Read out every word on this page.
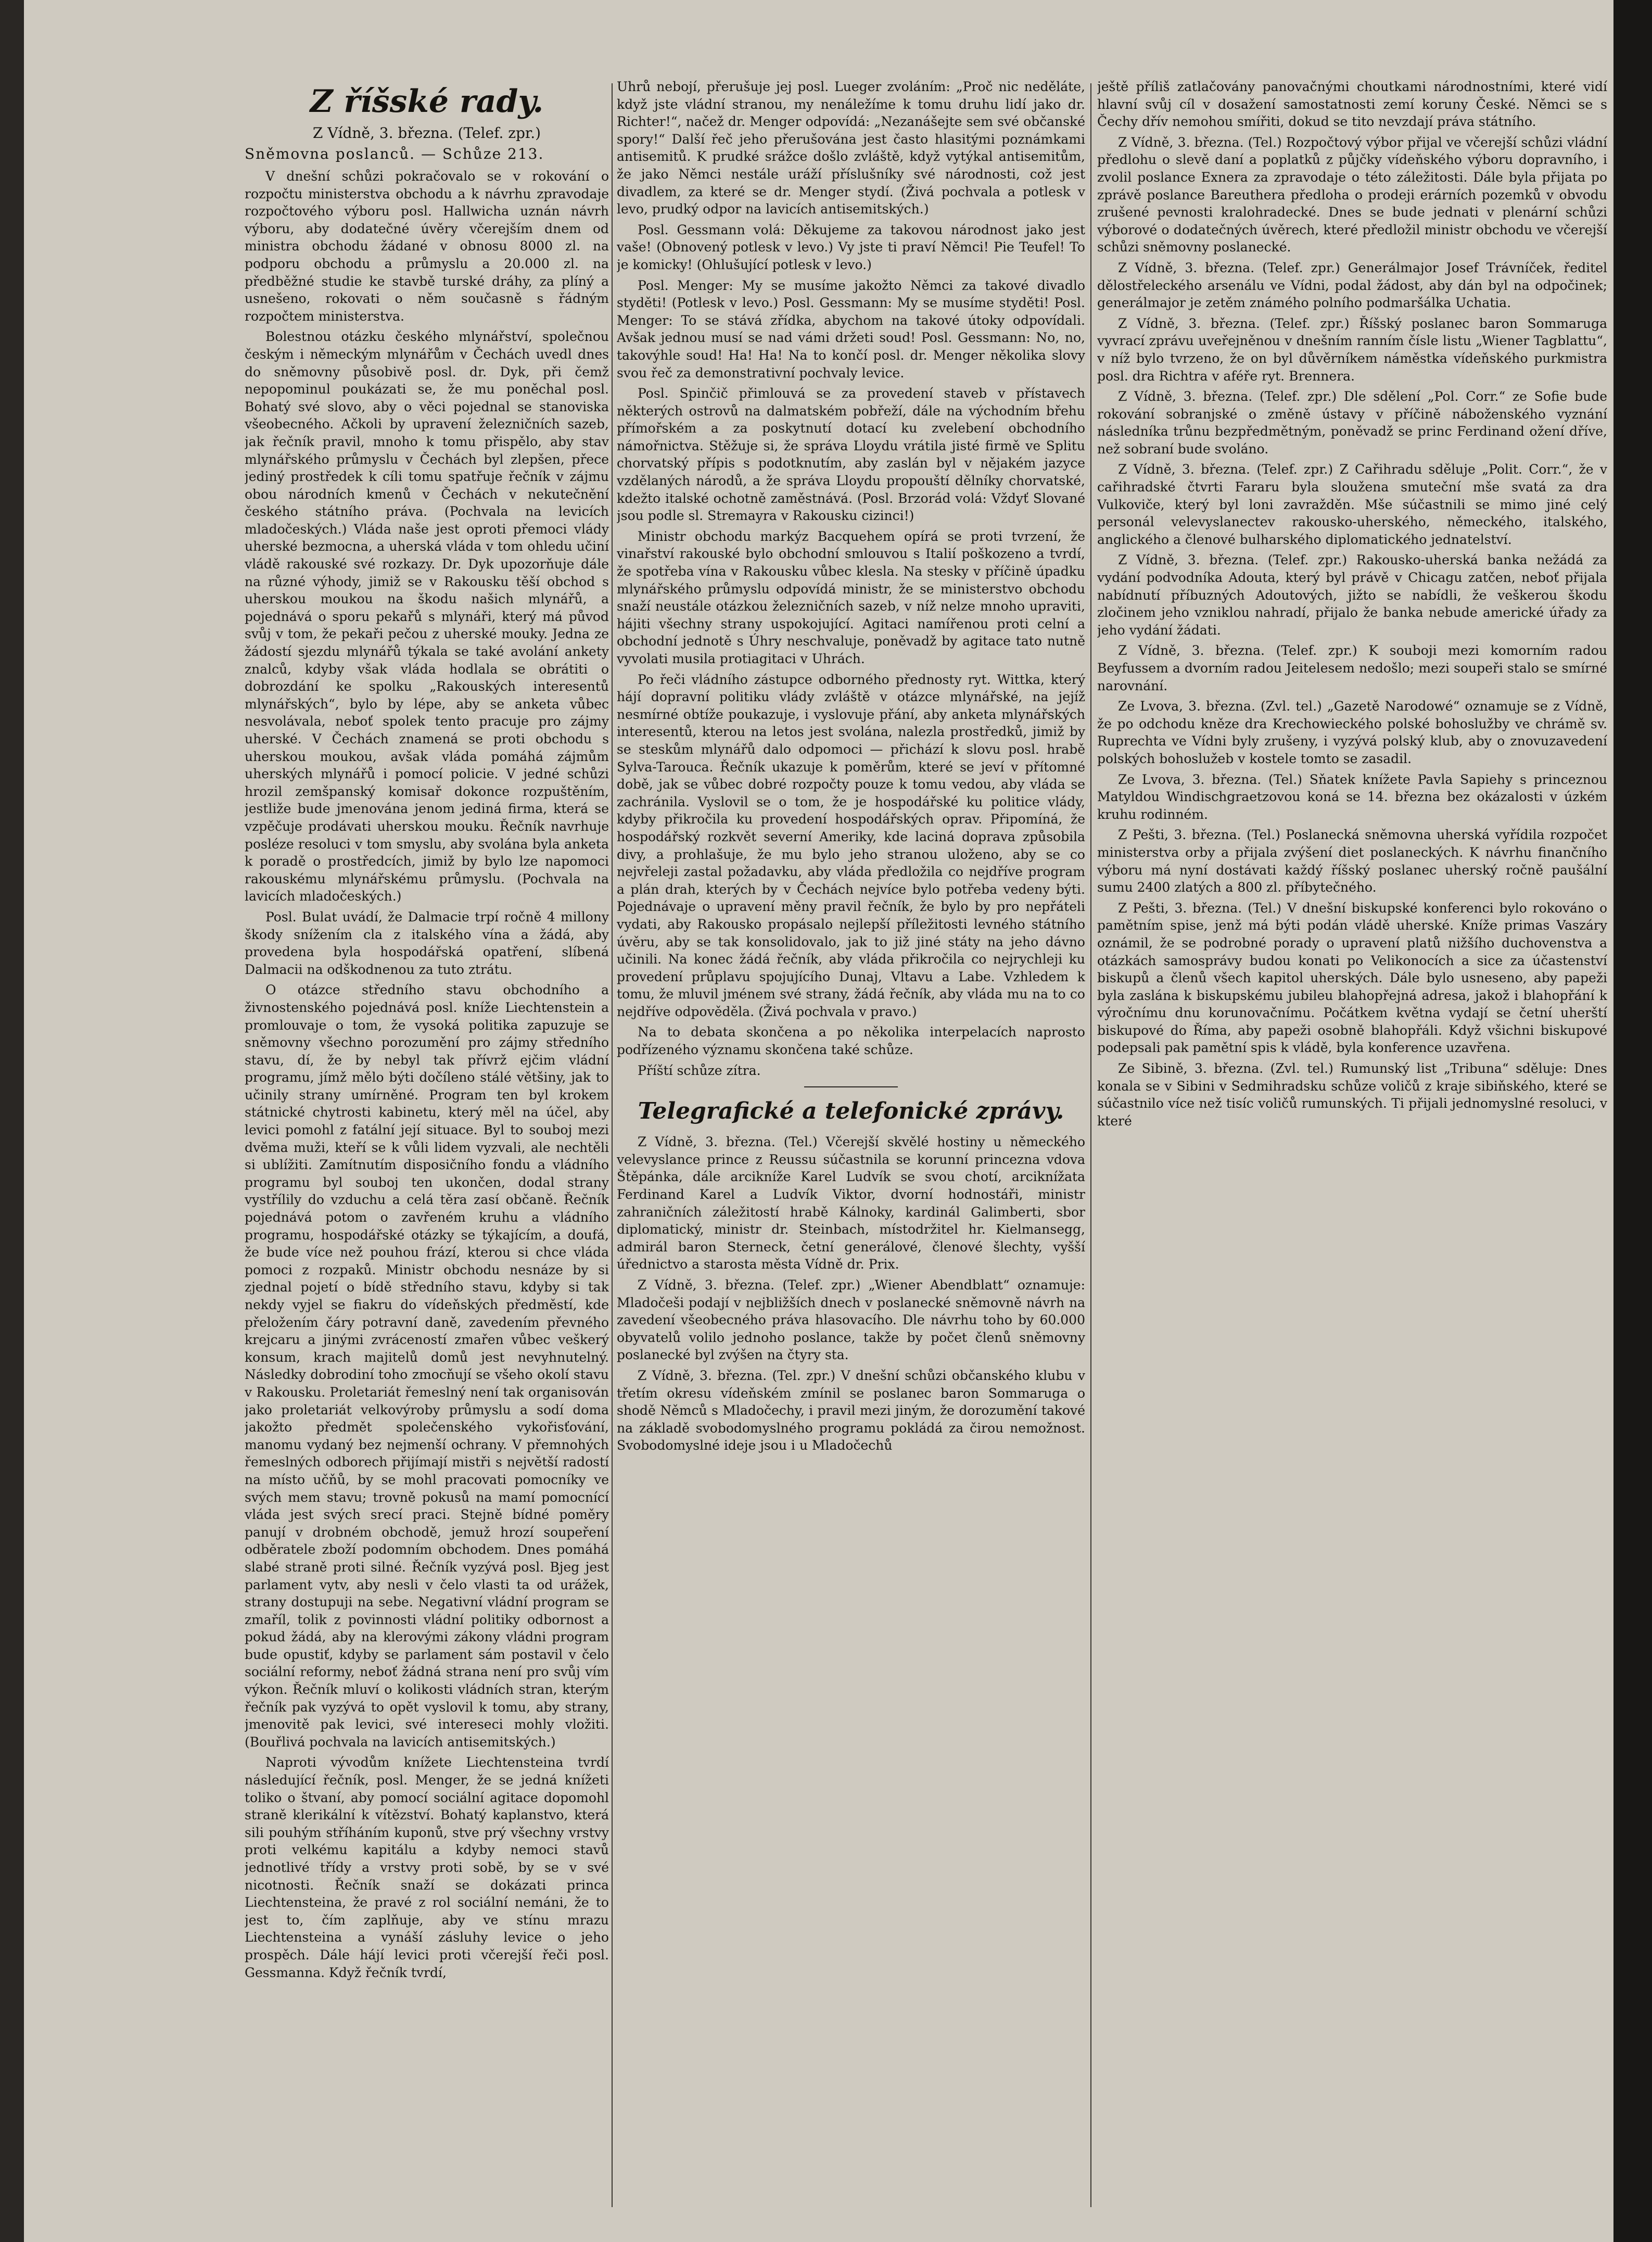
Z říšské rady.
Z Vídně, 3. března. (Telef. zpr.)
Sněmovna poslanců. — Schůze 213.

V dnešní schůzi pokračovalo se v rokování o rozpočtu ministerstva obchodu a k návrhu zpravodaje rozpočtového výboru posl. Hallwicha uznán návrh výboru, aby dodatečné úvěry včerejším dnem od ministra obchodu žádané v obnosu 8000 zl. na podporu obchodu a průmyslu a 20.000 zl. na předběžné studie ke stavbě turské dráhy, za plíný a usnešeno, rokovati o něm současně s řádným rozpočtem ministerstva.

Bolestnou otázku českého mlynářství, společnou českým i německým mlynářům v Čechách uvedl dnes do sněmovny působivě posl. dr. Dyk, při čemž nepopominul poukázati se, že mu poněchal posl. Bohatý své slovo, aby o věci pojednal se stanoviska všeobecného. Ačkoli by upravení železničních sazeb, jak řečník pravil, mnoho k tomu přispělo, aby stav mlynářského průmyslu v Čechách byl zlepšen, přece jediný prostředek k cíli tomu spatřuje řečník v zájmu obou národních kmenů v Čechách v nekutečnění českého státního práva. (Pochvala na levicích mladočeských.) Vláda naše jest oproti přemoci vlády uherské bezmocna, a uherská vláda v tom ohledu učiní vládě rakouské své rozkazy. Dr. Dyk upozorňuje dále na různé výhody, jimiž se v Rakousku těší obchod s uherskou moukou na škodu našich mlynářů, a pojednává o sporu pekařů s mlynáři, který má původ svůj v tom, že pekaři pečou z uherské mouky. Jedna ze žádostí sjezdu mlynářů týkala se také avolání ankety znalců, kdyby však vláda hodlala se obrátiti o dobrozdání ke spolku „Rakouských interesentů mlynářských“, bylo by lépe, aby se anketa vůbec nesvolávala, neboť spolek tento pracuje pro zájmy uherské. V Čechách znamená se proti obchodu s uherskou moukou, avšak vláda pomáhá zájmům uherských mlynářů i pomocí policie. V jedné schůzi hrozil zemšpanský komisař dokonce rozpuštěním, jestliže bude jmenována jenom jediná firma, která se vzpěčuje prodávati uherskou mouku. Řečník navrhuje posléze resoluci v tom smyslu, aby svolána byla anketa k poradě o prostředcích, jimiž by bylo lze napomoci rakouskému mlynářskému průmyslu. (Pochvala na lavicích mladočeských.)

Posl. Bulat uvádí, že Dalmacie trpí ročně 4 millony škody snížením cla z italského vína a žádá, aby provedena byla hospodářská opatření, slíbená Dalmacii na odškodnenou za tuto ztrátu.

O otázce středního stavu obchodního a živnostenského pojednává posl. kníže Liechtenstein a promlouvaje o tom, že vysoká politika zapuzuje se sněmovny všechno porozumění pro zájmy středního stavu, dí, že by nebyl tak přívrž ejčim vládní programu, jímž mělo býti dočíleno stálé většiny, jak to učinily strany umírněné. Program ten byl krokem státnické chytrosti kabinetu, který měl na účel, aby levici pomohl z fatální její situace. Byl to souboj mezi dvěma muži, kteří se k vůli lidem vyzvali, ale nechtěli si ublížiti. Zamítnutím disposičního fondu a vládního programu byl souboj ten ukončen, dodal strany vystřílily do vzduchu a celá těra zasí občaně. Řečník pojednává potom o zavřeném kruhu a vládního programu, hospodářské otázky se týkajícím, a doufá, že bude více než pouhou frází, kterou si chce vláda pomoci z rozpaků. Ministr obchodu nesnáze by si zjednal pojetí o bídě středního stavu, kdyby si tak nekdy vyjel se fiakru do vídeňských předměstí, kde přeložením čáry potravní daně, zavedením převného krejcaru a jinými zvráceností zmařen vůbec veškerý konsum, krach majitelů domů jest nevyhnutelný. Následky dobrodiní toho zmocňují se všeho okolí stavu v Rakousku. Proletariát řemeslný není tak organisován jako proletariát velkovýroby průmyslu a sodí doma jakožto předmět společenského vykořisťování, manomu vydaný bez nejmenší ochrany. V přemnohých řemeslných odborech přijímají mistři s největší radostí na místo učňů, by se mohl pracovati pomocníky ve svých mem stavu; trovně pokusů na mamí pomocnící vláda jest svých srecí praci. Stejně bídné poměry panují v drobném obchodě, jemuž hrozí soupeření odběratele zboží podomním obchodem. Dnes pomáhá slabé straně proti silné. Řečník vyzývá posl. Bjeg jest parlament vytv, aby nesli v čelo vlasti ta od urážek, strany dostupuji na sebe. Negativní vládní program se zmaříl, tolik z povinnosti vládní politiky odbornost a pokud žádá, aby na klerovými zákony vládni program bude opustiť, kdyby se parlament sám postavil v čelo sociální reformy, neboť žádná strana není pro svůj vím výkon. Řečník mluví o kolikosti vládních stran, kterým řečník pak vyzývá to opět vyslovil k tomu, aby strany, jmenovitě pak levici, své intereseci mohly vložiti. (Bouřlivá pochvala na lavicích antisemitských.)

Naproti vývodům knížete Liechtensteina tvrdí následující řečník, posl. Menger, že se jedná knížeti toliko o štvaní, aby pomocí sociální agitace dopomohl straně klerikální k vítězství. Bohatý kaplanstvo, která sili pouhým stříháním kuponů, stve prý všechny vrstvy proti velkému kapitálu a kdyby nemoci stavů jednotlivé třídy a vrstvy proti sobě, by se v své nicotnosti. Řečník snaží se dokázati princa Liechtensteina, že pravé z rol sociální nemáni, že to jest to, čím zaplňuje, aby ve stínu mrazu Liechtensteina a vynáší zásluhy levice o jeho prospěch. Dále hájí levici proti včerejší řeči posl. Gessmanna. Když řečník tvrdí,

Uhrů nebojí, přerušuje jej posl. Lueger zvoláním: „Proč nic neděláte, když jste vládní stranou, my nenáležíme k tomu druhu lidí jako dr. Richter!“, načež dr. Menger odpovídá: „Nezanášejte sem své občanské spory!“ Další řeč jeho přerušována jest často hlasitými poznámkami antisemitů. K prudké srážce došlo zvláště, když vytýkal antisemitům, že jako Němci nestále uráží příslušníky své národnosti, což jest divadlem, za které se dr. Menger stydí. (Živá pochvala a potlesk v levo, prudký odpor na lavicích antisemitských.)

Posl. Gessmann volá: Děkujeme za takovou národnost jako jest vaše! (Obnovený potlesk v levo.) Vy jste ti praví Němci! Pie Teufel! To je komicky! (Ohlušující potlesk v levo.)

Posl. Menger: My se musíme jakožto Němci za takové divadlo styděti! (Potlesk v levo.) Posl. Gessmann: My se musíme styděti! Posl. Menger: To se stává zřídka, abychom na takové útoky odpovídali. Avšak jednou musí se nad vámi držeti soud! Posl. Gessmann: No, no, takovýhle soud! Ha! Ha! Na to končí posl. dr. Menger několika slovy svou řeč za demonstrativní pochvaly levice.

Posl. Spinčič přimlouvá se za provedení staveb v přístavech některých ostrovů na dalmatském pobřeží, dále na východním břehu přímořském a za poskytnutí dotací ku zvelebení obchodního námořnictva. Stěžuje si, že správa Lloydu vrátila jisté firmě ve Splitu chorvatský přípis s podotknutím, aby zaslán byl v nějakém jazyce vzdělaných národů, a že správa Lloydu propouští dělníky chorvatské, kdežto italské ochotně zaměstnává. (Posl. Brzorád volá: Vždyť Slované jsou podle sl. Stremayra v Rakousku cizinci!)

Ministr obchodu markýz Bacquehem opírá se proti tvrzení, že vinařství rakouské bylo obchodní smlouvou s Italií poškozeno a tvrdí, že spotřeba vína v Rakousku vůbec klesla. Na stesky v příčině úpadku mlynářského průmyslu odpovídá ministr, že se ministerstvo obchodu snaží neustále otázkou železničních sazeb, v níž nelze mnoho upraviti, hájiti všechny strany uspokojující. Agitaci namířenou proti celní a obchodní jednotě s Úhry neschvaluje, poněvadž by agitace tato nutně vyvolati musila protiagitaci v Uhrách.

Po řeči vládního zástupce odborného přednosty ryt. Wittka, který hájí dopravní politiku vlády zvláště v otázce mlynářské, na jejíž nesmírné obtíže poukazuje, i vyslovuje přání, aby anketa mlynářských interesentů, kterou na letos jest svolána, nalezla prostředků, jimiž by se steskům mlynářů dalo odpomoci — přichází k slovu posl. hrabě Sylva-Tarouca. Řečník ukazuje k poměrům, které se jeví v přítomné době, jak se vůbec dobré rozpočty pouze k tomu vedou, aby vláda se zachránila. Vyslovil se o tom, že je hospodářské ku politice vlády, kdyby přikročila ku provedení hospodářských oprav. Připomíná, že hospodářský rozkvět severní Ameriky, kde laciná doprava způsobila divy, a prohlašuje, že mu bylo jeho stranou uloženo, aby se co nejvřeleji zastal požadavku, aby vláda předložila co nejdříve program a plán drah, kterých by v Čechách nejvíce bylo potřeba vedeny býti. Pojednávaje o upravení měny pravil řečník, že bylo by pro nepřáteli vydati, aby Rakousko propásalo nejlepší příležitosti levného státního úvěru, aby se tak konsolidovalo, jak to již jiné státy na jeho dávno učinili. Na konec žádá řečník, aby vláda přikročila co nejrychleji ku provedení průplavu spojujícího Dunaj, Vltavu a Labe. Vzhledem k tomu, že mluvil jménem své strany, žádá řečník, aby vláda mu na to co nejdříve odpověděla. (Živá pochvala v pravo.)

Na to debata skončena a po několika interpelacích naprosto podřízeného významu skončena také schůze.

Příští schůze zítra.

Telegrafické a telefonické zprávy.

Z Vídně, 3. března. (Tel.) Včerejší skvělé hostiny u německého velevyslance prince z Reussu súčastnila se korunní princezna vdova Štěpánka, dále arciknížе Karel Ludvík se svou chotí, arciknížata Ferdinand Karel a Ludvík Viktor, dvorní hodnostáři, ministr zahraničních záležitostí hrabě Kálnoky, kardinál Galimberti, sbor diplomatický, ministr dr. Steinbach, místodržitel hr. Kielmansegg, admirál baron Sterneck, četní generálové, členové šlechty, vyšší úřednictvo a starosta města Vídně dr. Prix.

Z Vídně, 3. března. (Telef. zpr.) „Wiener Abendblatt“ oznamuje: Mladočeši podají v nejbližších dnech v poslanecké sněmovně návrh na zavedení všeobecného práva hlasovacího. Dle návrhu toho by 60.000 obyvatelů volilo jednoho poslance, takže by počet členů sněmovny poslanecké byl zvýšen na čtyry sta.

Z Vídně, 3. března. (Tel. zpr.) V dnešní schůzi občanského klubu v třetím okresu vídeňském zmínil se poslanec baron Sommaruga o shodě Němců s Mladočechy, i pravil mezi jiným, že dorozumění takové na základě svobodomyslného programu pokládá za čirou nemožnost. Svobodomyslné ideje jsou i u Mladočechů

ještě příliš zatlačovány panovačnými choutkami národnostními, které vidí hlavní svůj cíl v dosažení samostatnosti zemí koruny České. Němci se s Čechy dřív nemohou smířiti, dokud se tito nevzdají práva státního.

Z Vídně, 3. března. (Tel.) Rozpočtový výbor přijal ve včerejší schůzi vládní předlohu o slevě daní a poplatků z půjčky vídeňského výboru dopravního, i zvolil poslance Exnera za zpravodaje o této záležitosti. Dále byla přijata po zprávě poslance Bareuthera předloha o prodeji erárních pozemků v obvodu zrušené pevnosti kralohradecké. Dnes se bude jednati v plenární schůzi výborové o dodatečných úvěrech, které předložil ministr obchodu ve včerejší schůzi sněmovny poslanecké.

Z Vídně, 3. března. (Telef. zpr.) Generálmajor Josef Trávníček, ředitel dělostřeleckého arsenálu ve Vídni, podal žádost, aby dán byl na odpočinek; generálmajor je zetěm známého polního podmaršálka Uchatia.

Z Vídně, 3. března. (Telef. zpr.) Říšský poslanec baron Sommaruga vyvrací zprávu uveřejněnou v dnešním ranním čísle listu „Wiener Tagblattu“, v níž bylo tvrzeno, že on byl důvěrníkem náměstka vídeňského purkmistra posl. dra Richtra v aféře ryt. Brennera.

Z Vídně, 3. března. (Telef. zpr.) Dle sdělení „Pol. Corr.“ ze Sofie bude rokování sobranjské o změně ústavy v příčině náboženského vyznání následníka trůnu bezpředmětným, poněvadž se princ Ferdinand ožení dříve, než sobraní bude svoláno.

Z Vídně, 3. března. (Telef. zpr.) Z Cařihradu sděluje „Polit. Corr.“, že v cařihradské čtvrti Fararu byla sloužena smuteční mše svatá za dra Vulkoviče, který byl loni zavražděn. Mše súčastnili se mimo jiné celý personál velevyslanectev rakousko-uherského, německého, italského, anglického a členové bulharského diplomatického jednatelství.

Z Vídně, 3. března. (Telef. zpr.) Rakousko-uherská banka nežádá za vydání podvodníka Adouta, který byl právě v Chicagu zatčen, neboť přijala nabídnutí příbuzných Adoutových, jižto se nabídli, že veškerou škodu zločinem jeho vzniklou nahradí, přijalo že banka nebude americké úřady za jeho vydání žádati.

Z Vídně, 3. března. (Telef. zpr.) K souboji mezi komorním radou Beyfussem a dvorním radou Jeitelesem nedošlo; mezi soupeři stalo se smírné narovnání.

Ze Lvova, 3. března. (Zvl. tel.) „Gazetě Narodowé“ oznamuje se z Vídně, že po odchodu kněze dra Krechowieckého polské bohoslužby ve chrámě sv. Ruprechta ve Vídni byly zrušeny, i vyzývá polský klub, aby o znovuzavedení polských bohoslužeb v kostele tomto se zasadil.

Ze Lvova, 3. března. (Tel.) Sňatek knížete Pavla Sapiehy s princeznou Matyldou Windischgraetzovou koná se 14. března bez okázalosti v úzkém kruhu rodinném.

Z Pešti, 3. března. (Tel.) Poslanecká sněmovna uherská vyřídila rozpočet ministerstva orby a přijala zvýšení diet poslaneckých. K návrhu finančního výboru má nyní dostávati každý říšský poslanec uherský ročně paušální sumu 2400 zlatých a 800 zl. příbytečného.

Z Pešti, 3. března. (Tel.) V dnešní biskupské konferenci bylo rokováno o pamětním spise, jenž má býti podán vládě uherské. Kníže primas Vaszáry oznámil, že se podrobné porady o upravení platů nižšího duchovenstva a otázkách samosprávy budou konati po Velikonocích a sice za účastenství biskupů a členů všech kapitol uherských. Dále bylo usneseno, aby papeži byla zaslána k biskupskému jubileu blahopřejná adresa, jakož i blahopřání k výročnímu dnu korunovačnímu. Počátkem května vydají se četní uherští biskupové do Říma, aby papeži osobně blahopřáli. Když všichni biskupové podepsali pak pamětní spis k vládě, byla konference uzavřena.

Ze Sibině, 3. března. (Zvl. tel.) Rumunský list „Tribuna“ sděluje: Dnes konala se v Sibini v Sedmihradsku schůze voličů z kraje sibiňského, které se súčastnilo více než tisíc voličů rumunských. Ti přijali jednomyslné resoluci, v které
